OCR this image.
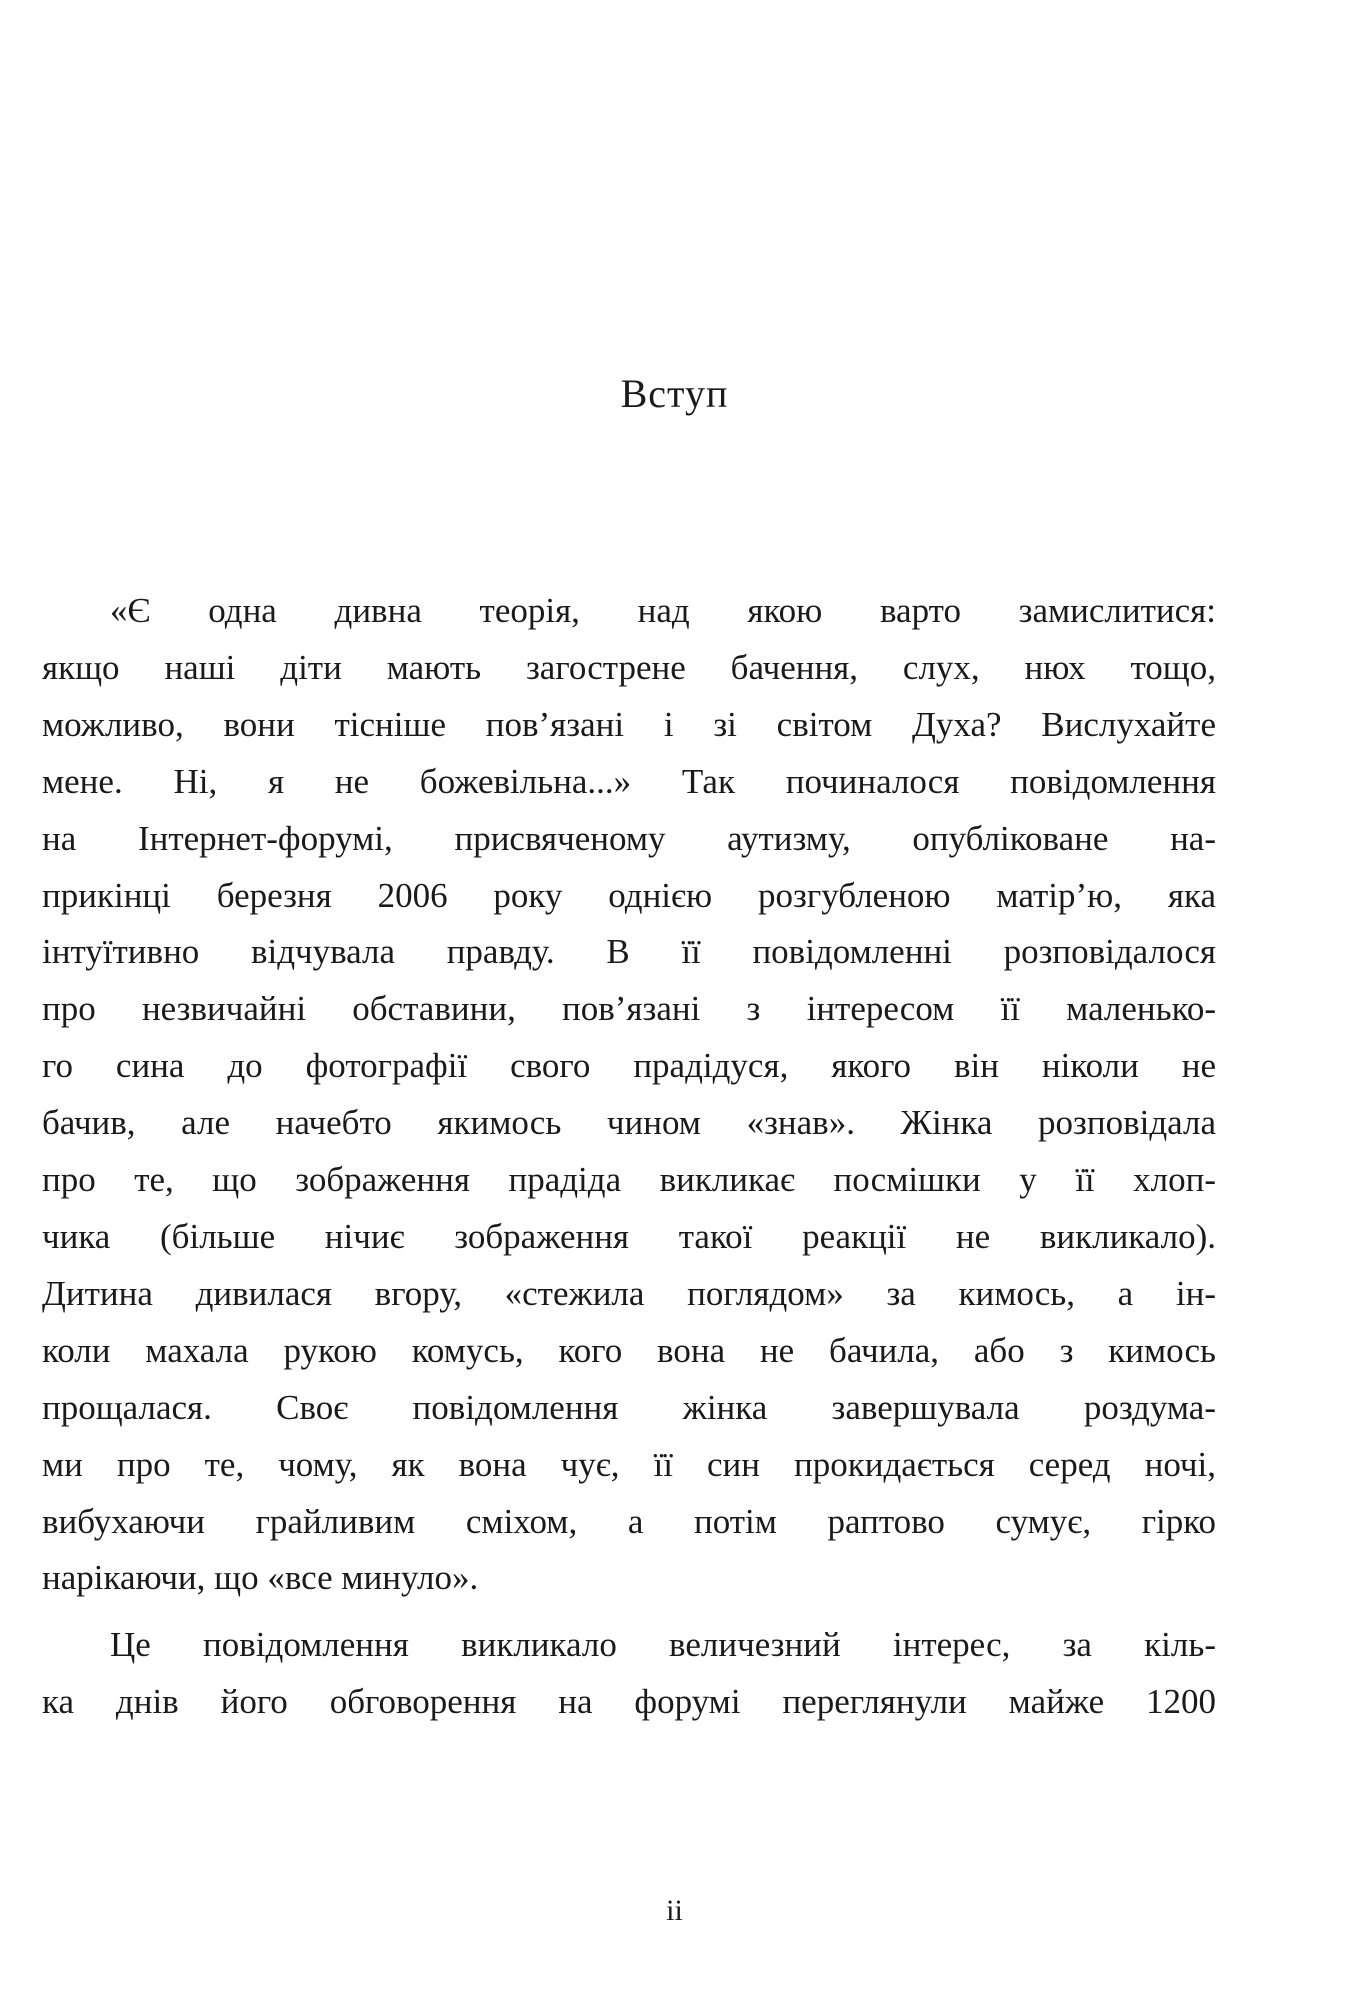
Вступ
«Є одна дивна теорія, над якою варто замислитися:
якщо наші діти мають загострене бачення, слух, нюх тощо,
можливо, вони тісніше пов’язані і зі світом Духа? Вислухайте
мене. Ні, я не божевільна...» Так починалося повідомлення
на Інтернет-форумі, присвяченому аутизму, опубліковане на-
прикінці березня 2006 року однією розгубленою матір’ю, яка
інтуїтивно відчувала правду. В її повідомленні розповідалося
про незвичайні обставини, пов’язані з інтересом її маленько-
го сина до фотографії свого прадідуся, якого він ніколи не
бачив, але начебто якимось чином «знав». Жінка розповідала
про те, що зображення прадіда викликає посмішки у її хлоп-
чика (більше нічиє зображення такої реакції не викликало).
Дитина дивилася вгору, «стежила поглядом» за кимось, а ін-
коли махала рукою комусь, кого вона не бачила, або з кимось
прощалася. Своє повідомлення жінка завершувала роздума-
ми про те, чому, як вона чує, її син прокидається серед ночі,
вибухаючи грайливим сміхом, а потім раптово сумує, гірко
нарікаючи, що «все минуло».
Це повідомлення викликало величезний інтерес, за кіль-
ка днів його обговорення на форумі переглянули майже 1200

ii
